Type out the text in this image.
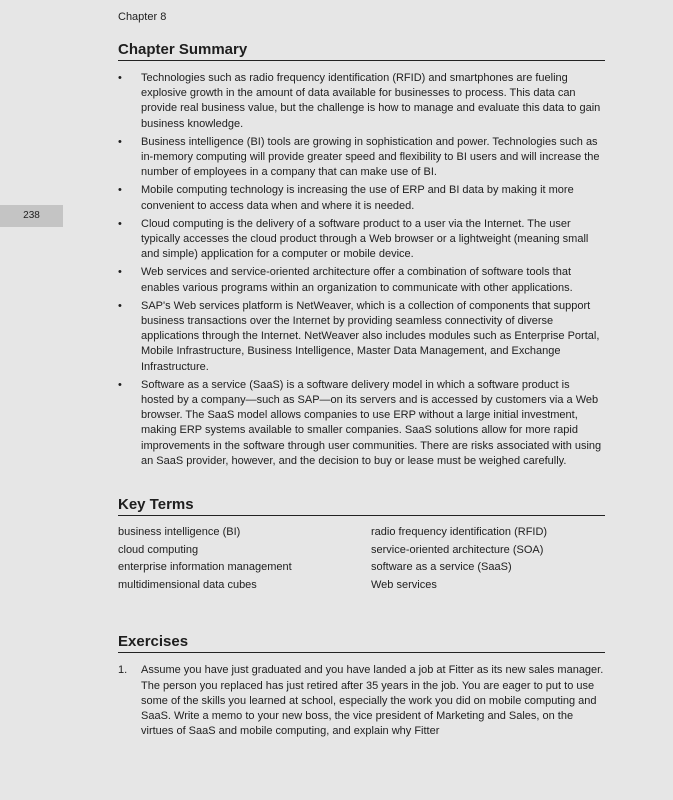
Chapter 8
238
Chapter Summary
• Technologies such as radio frequency identification (RFID) and smartphones are fueling explosive growth in the amount of data available for businesses to process. This data can provide real business value, but the challenge is how to manage and evaluate this data to gain business knowledge.
• Business intelligence (BI) tools are growing in sophistication and power. Technologies such as in-memory computing will provide greater speed and flexibility to BI users and will increase the number of employees in a company that can make use of BI.
• Mobile computing technology is increasing the use of ERP and BI data by making it more convenient to access data when and where it is needed.
• Cloud computing is the delivery of a software product to a user via the Internet. The user typically accesses the cloud product through a Web browser or a lightweight (meaning small and simple) application for a computer or mobile device.
• Web services and service-oriented architecture offer a combination of software tools that enables various programs within an organization to communicate with other applications.
• SAP's Web services platform is NetWeaver, which is a collection of components that support business transactions over the Internet by providing seamless connectivity of diverse applications through the Internet. NetWeaver also includes modules such as Enterprise Portal, Mobile Infrastructure, Business Intelligence, Master Data Management, and Exchange Infrastructure.
• Software as a service (SaaS) is a software delivery model in which a software product is hosted by a company—such as SAP—on its servers and is accessed by customers via a Web browser. The SaaS model allows companies to use ERP without a large initial investment, making ERP systems available to smaller companies. SaaS solutions allow for more rapid improvements in the software through user communities. There are risks associated with using an SaaS provider, however, and the decision to buy or lease must be weighed carefully.
Key Terms
business intelligence (BI)	radio frequency identification (RFID)
cloud computing	service-oriented architecture (SOA)
enterprise information management	software as a service (SaaS)
multidimensional data cubes	Web services
Exercises
1. Assume you have just graduated and you have landed a job at Fitter as its new sales manager. The person you replaced has just retired after 35 years in the job. You are eager to put to use some of the skills you learned at school, especially the work you did on mobile computing and SaaS. Write a memo to your new boss, the vice president of Marketing and Sales, on the virtues of SaaS and mobile computing, and explain why Fitter
